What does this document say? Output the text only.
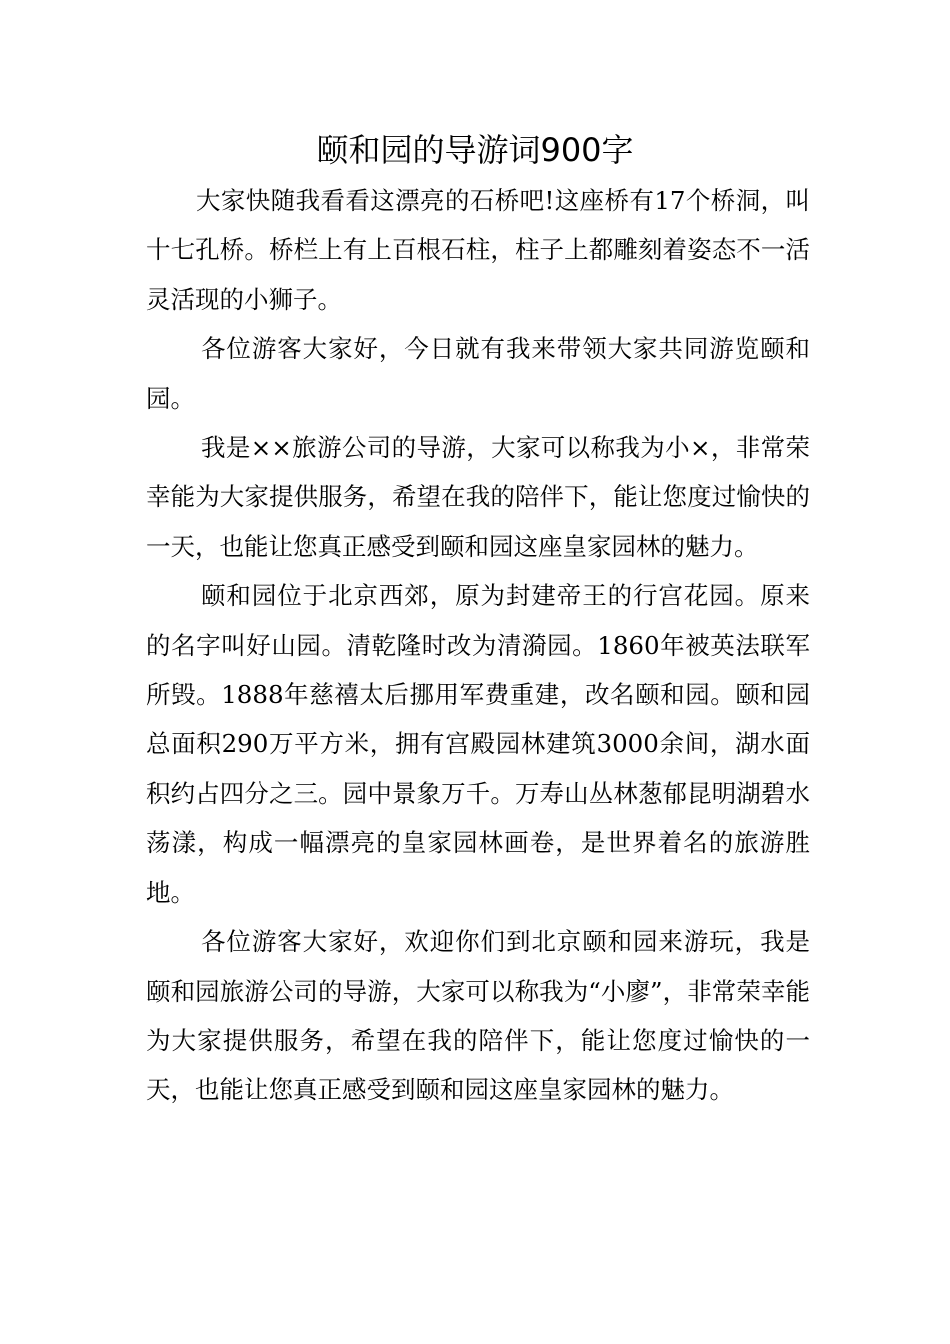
颐和园的导游词900字

大家快随我看看这漂亮的石桥吧!这座桥有17个桥洞，叫十七孔桥。桥栏上有上百根石柱，柱子上都雕刻着姿态不一活灵活现的小狮子。

各位游客大家好，今日就有我来带领大家共同游览颐和园。

我是××旅游公司的导游，大家可以称我为小×，非常荣幸能为大家提供服务，希望在我的陪伴下，能让您度过愉快的一天，也能让您真正感受到颐和园这座皇家园林的魅力。

颐和园位于北京西郊，原为封建帝王的行宫花园。原来的名字叫好山园。清乾隆时改为清漪园。1860年被英法联军所毁。1888年慈禧太后挪用军费重建，改名颐和园。颐和园总面积290万平方米，拥有宫殿园林建筑3000余间，湖水面积约占四分之三。园中景象万千。万寿山丛林葱郁昆明湖碧水荡漾，构成一幅漂亮的皇家园林画卷，是世界着名的旅游胜地。

各位游客大家好，欢迎你们到北京颐和园来游玩，我是颐和园旅游公司的导游，大家可以称我为“小廖”，非常荣幸能为大家提供服务，希望在我的陪伴下，能让您度过愉快的一天，也能让您真正感受到颐和园这座皇家园林的魅力。
